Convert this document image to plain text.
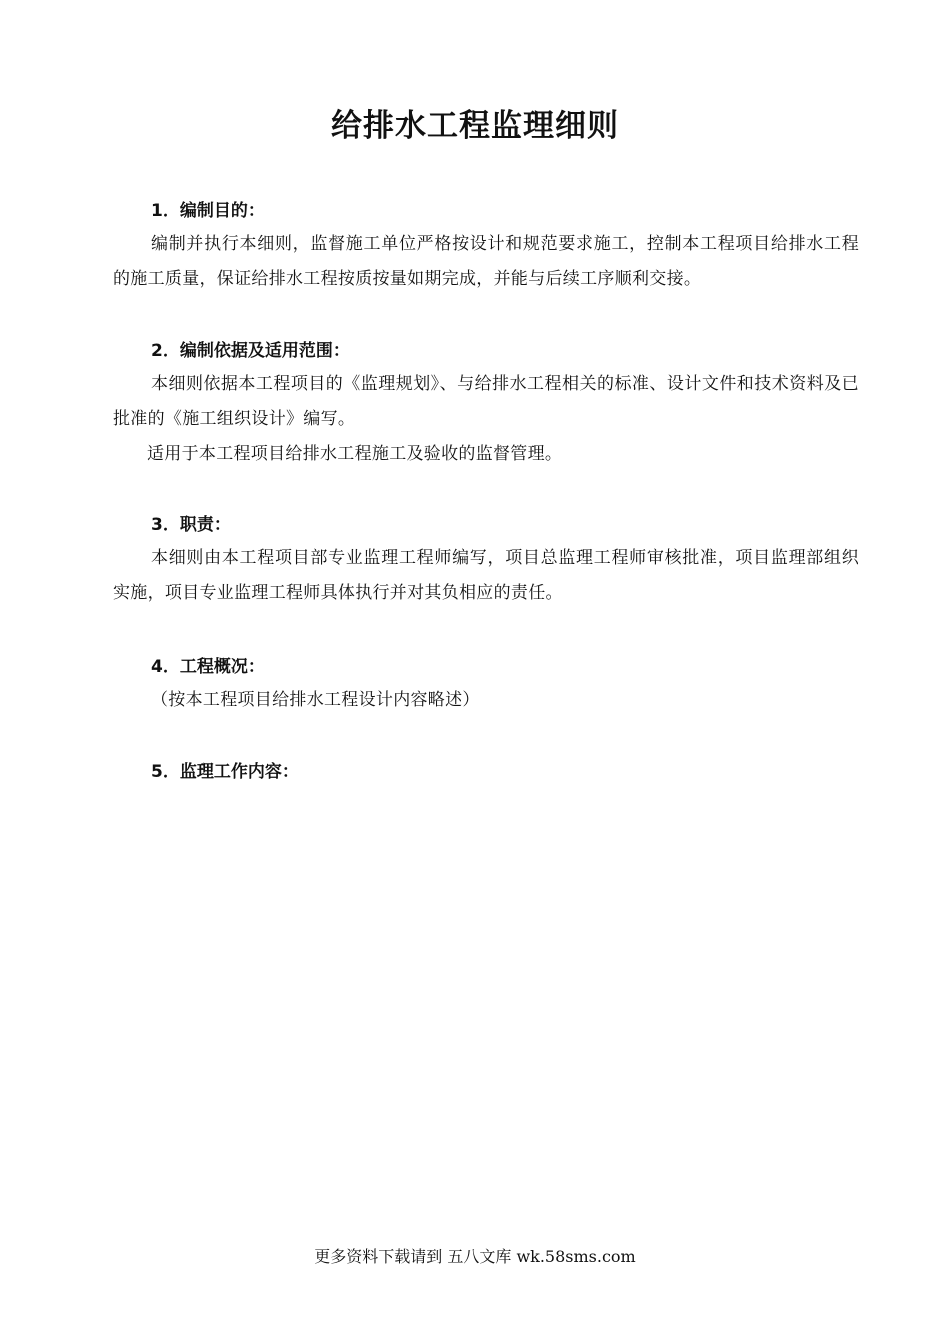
给排水工程监理细则
1．编制目的：

编制并执行本细则，监督施工单位严格按设计和规范要求施工，控制本工程项目给排水工程的施工质量，保证给排水工程按质按量如期完成，并能与后续工序顺利交接。

2．编制依据及适用范围：

本细则依据本工程项目的《监理规划》、与给排水工程相关的标准、设计文件和技术资料及已批准的《施工组织设计》编写。

适用于本工程项目给排水工程施工及验收的监督管理。

3．职责：

本细则由本工程项目部专业监理工程师编写，项目总监理工程师审核批准，项目监理部组织实施，项目专业监理工程师具体执行并对其负相应的责任。

4．工程概况：

（按本工程项目给排水工程设计内容略述）

5．监理工作内容：

更多资料下载请到 五八文库 wk.58sms.com
